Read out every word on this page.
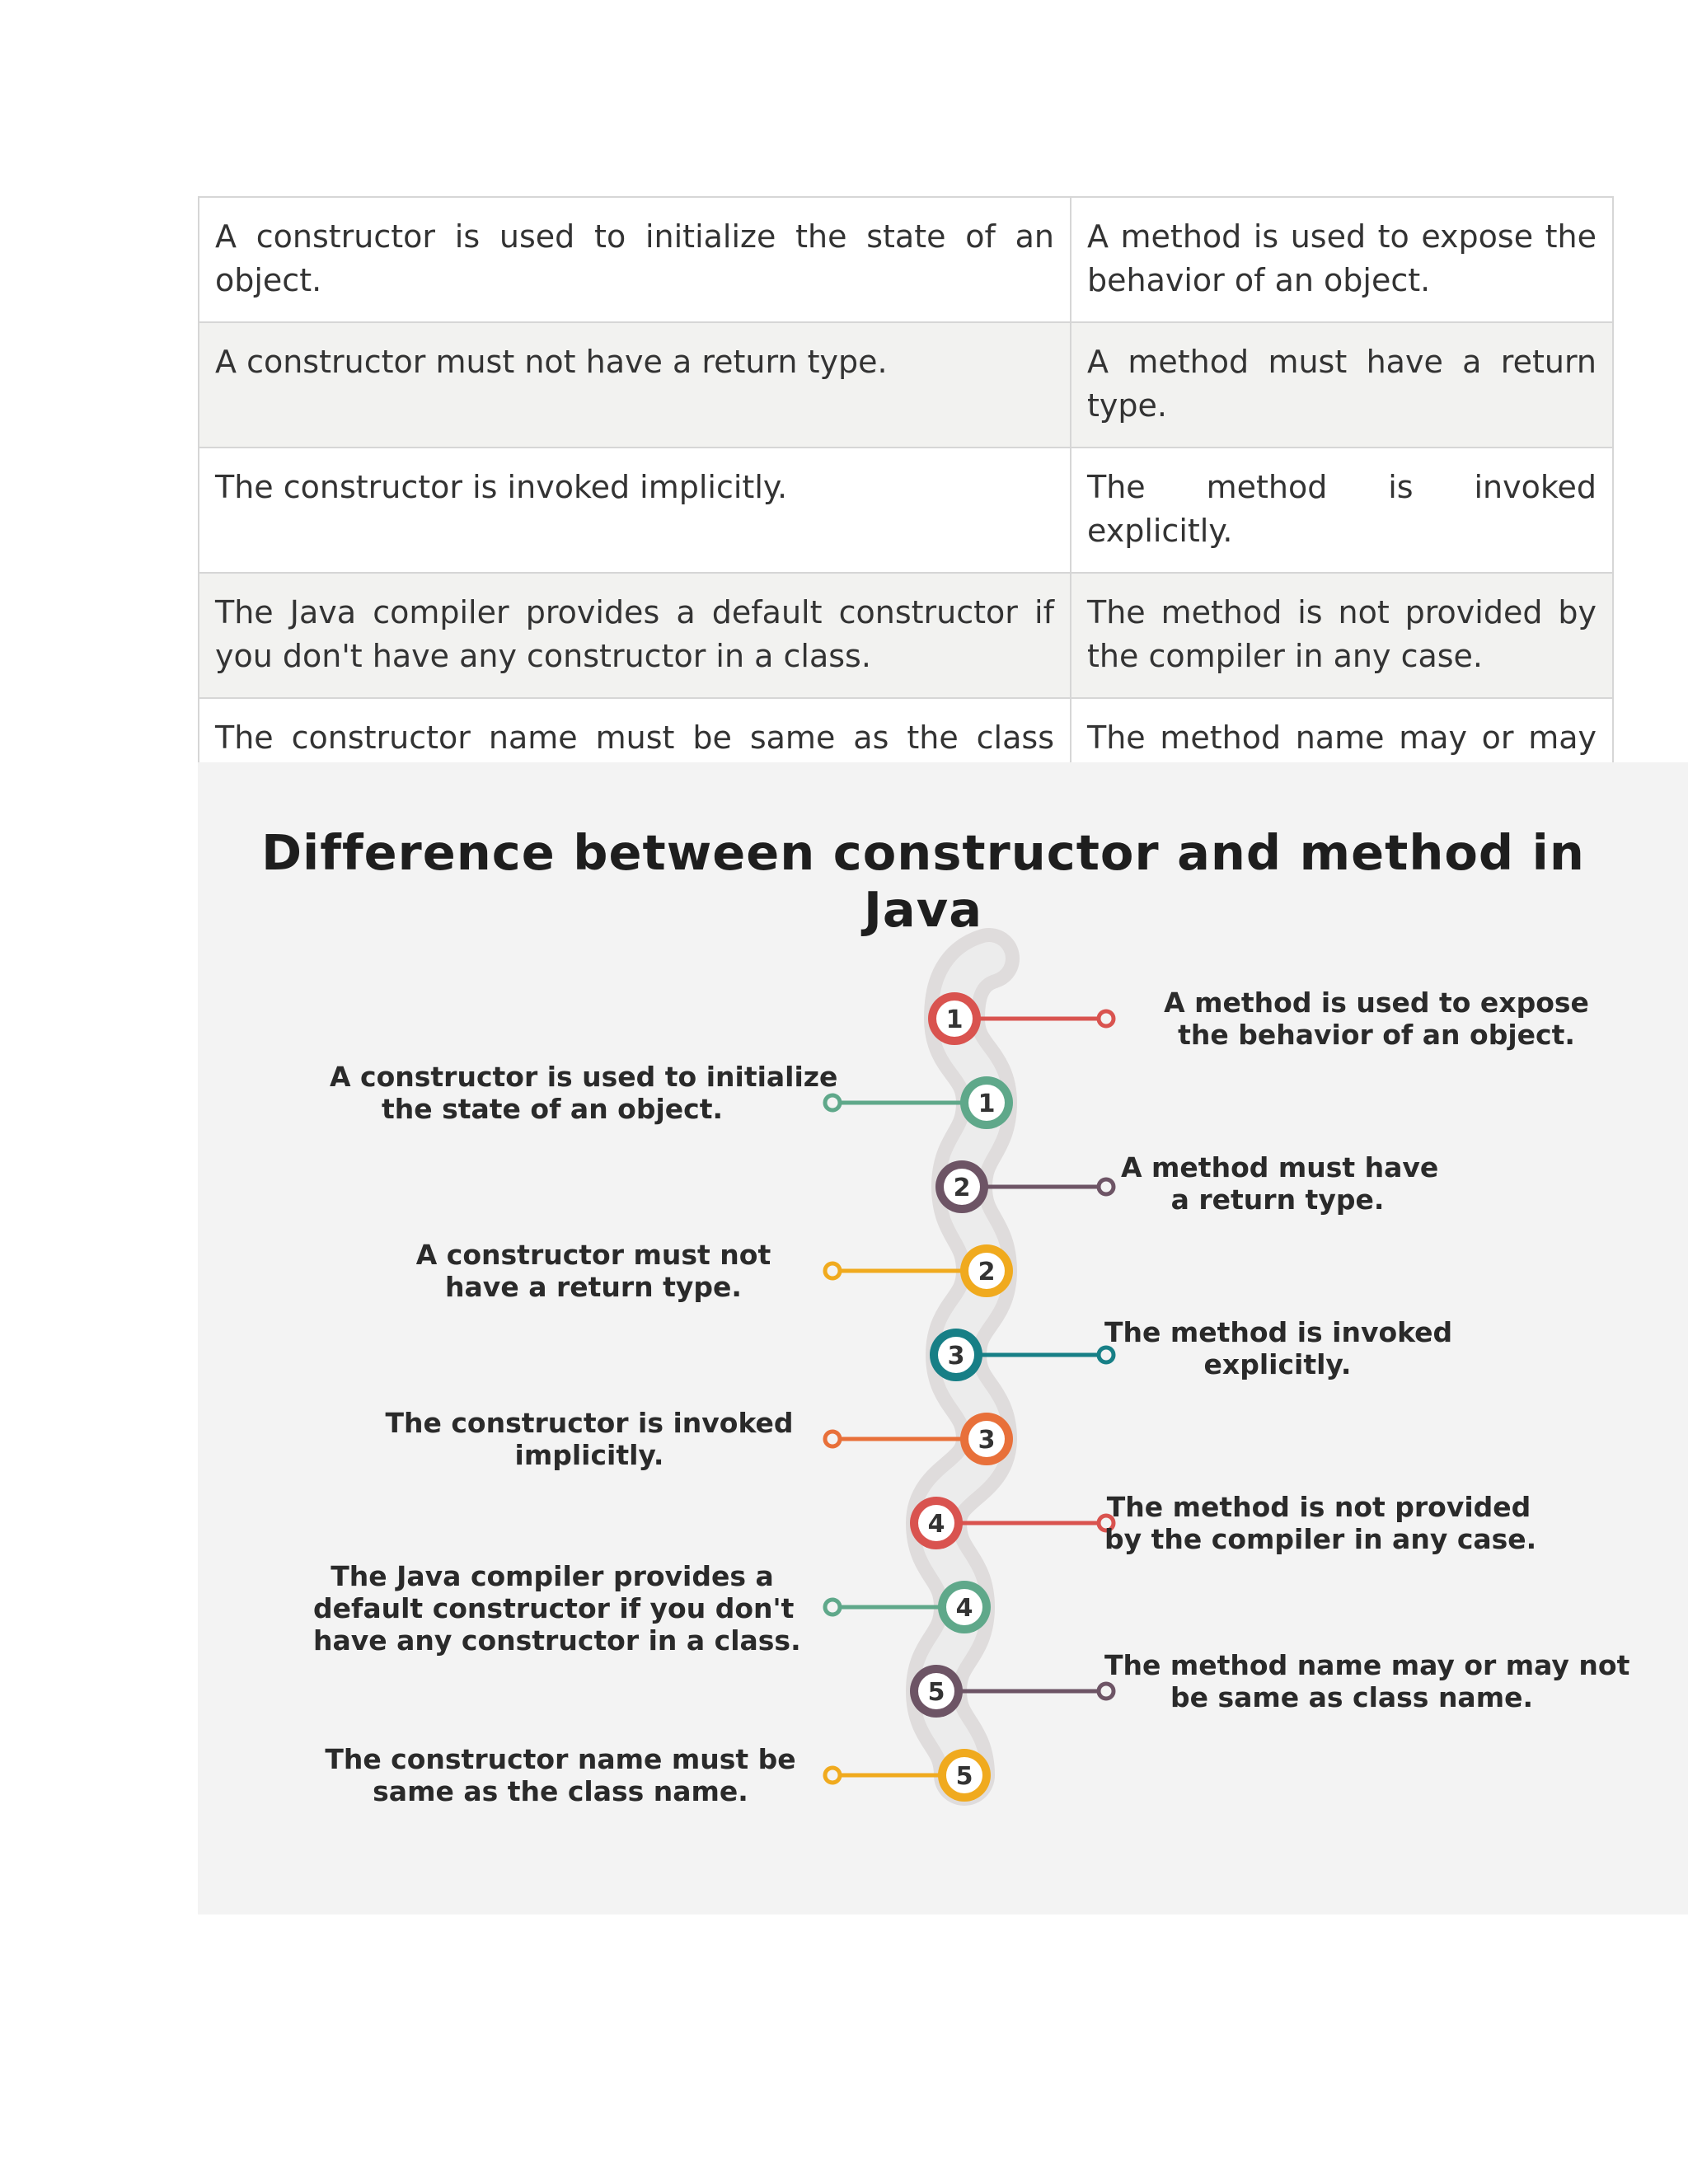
A constructor is used to initialize the state of an object.	A method is used to expose the behavior of an object.
A constructor must not have a return type.	A method must have a return type.
The constructor is invoked implicitly.	The method is invoked explicitly.
The Java compiler provides a default constructor if you don't have any constructor in a class.	The method is not provided by the compiler in any case.
The constructor name must be same as the class	The method name may or may
Difference between constructor and method in Java
1
1
2
2
3
3
4
4
5
5
A method is used to expose
the behavior of an object.
A constructor is used to initialize
the state of an object.
A method must have
a return type.
A constructor must not
have a return type.
The method is invoked
explicitly.
The constructor is invoked
implicitly.
The method is not provided
by the compiler in any case.
The Java compiler provides a
default constructor if you don't
have any constructor in a class.
The method name may or may not
be same as class name.
The constructor name must be
same as the class name.
